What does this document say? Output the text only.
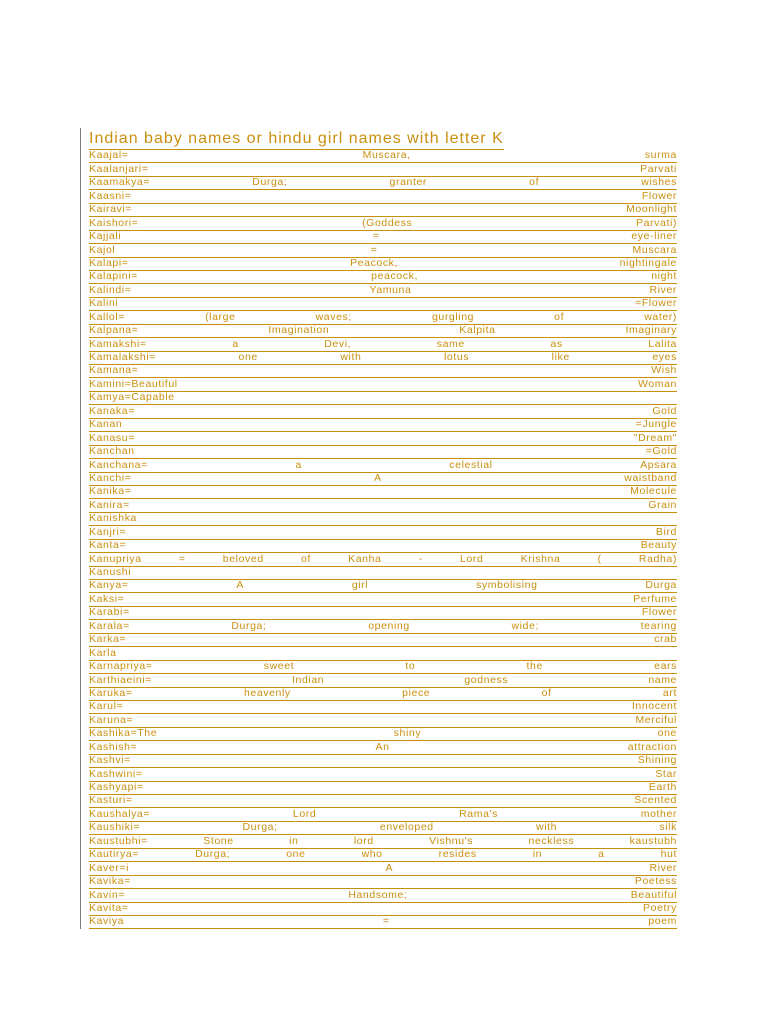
Indian baby names or hindu girl names with letter K
Kaajal=	Muscara,	surma
Kaalanjari=	Parvati
Kaamakya=	Durga;	granter	of	wishes
Kaasni=	Flower
Kairavi=	Moonlight
Kaishori=	(Goddess	Parvati)
Kajjali	=	eye-liner
Kajol	=	Muscara
Kalapi=	Peacock,	nightingale
Kalapini=	peacock,	night
Kalindi=	Yamuna	River
Kalini	=Flower
Kallol=	(large	waves;	gurgling	of	water)
Kalpana=	Imagination	Kalpita	Imaginary
Kamakshi=	a	Devi,	same	as	Lalita
Kamalakshi=	one	with	lotus	like	eyes
Kamana=	Wish
Kamini=Beautiful	Woman
Kamya=Capable
Kanaka=	Gold
Kanan	=Jungle
Kanasu=	"Dream"
Kanchan	=Gold
Kanchana=	a	celestial	Apsara
Kanchi=	A	waistband
Kanika=	Molecule
Kanira=	Grain
Kanishka
Kanjri=	Bird
Kanta=	Beauty
Kanupriya	=	beloved	of	Kanha	-	Lord	Krishna	(	Radha)
Kanushi
Kanya=	A	girl	symbolising	Durga
Kaksi=	Perfume
Karabi=	Flower
Karala=	Durga;	opening	wide;	tearing
Karka=	crab
Karla
Karnapriya=	sweet	to	the	ears
Karthiaeini=	Indian	godness	name
Karuka=	heavenly	piece	of	art
Karul=	Innocent
Karuna=	Merciful
Kashika=The	shiny	one
Kashish=	An	attraction
Kashvi=	Shining
Kashwini=	Star
Kashyapi=	Earth
Kasturi=	Scented
Kaushalya=	Lord	Rama's	mother
Kaushiki=	Durga;	enveloped	with	silk
Kaustubhi=	Stone	in	lord	Vishnu's	neckless	kaustubh
Kautirya=	Durga;	one	who	resides	in	a	hut
Kaver=i	A	River
Kavika=	Poetess
Kavin=	Handsome;	Beautiful
Kavita=	Poetry
Kaviya	=	poem
